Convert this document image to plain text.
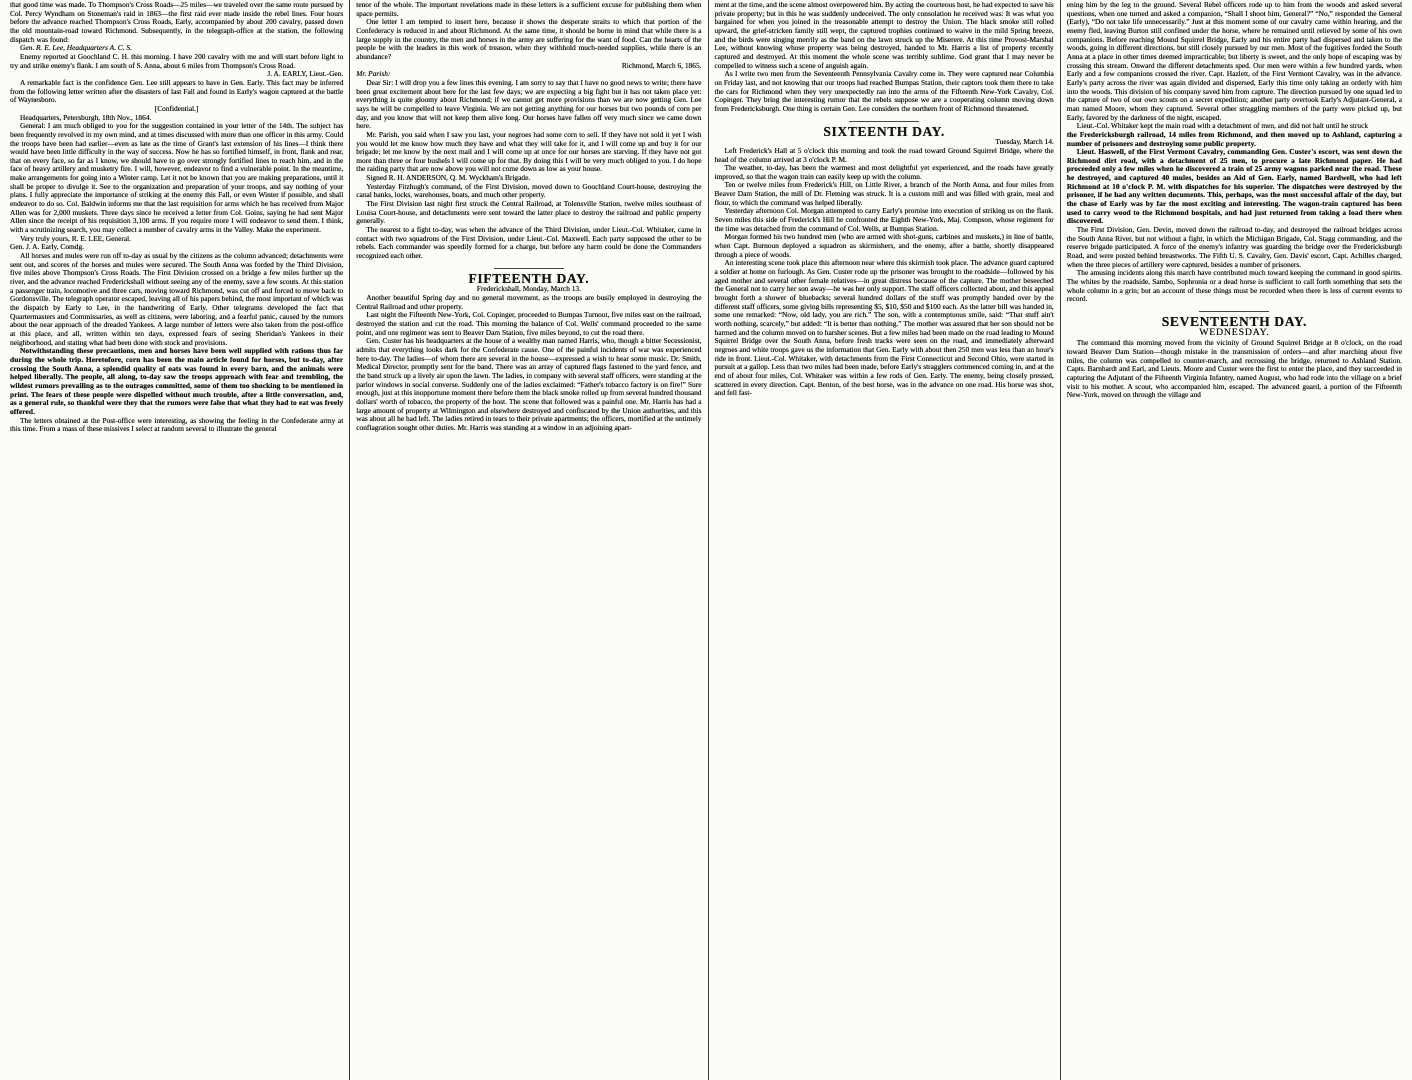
that good time was made. To Thompson's Cross Roads—25 miles—we traveled over the same route pursued by Col. Percy Wyndham on Stoneman's raid in 1863—the first raid ever made inside the rebel lines. Four hours before the advance reached Thompson's Cross Roads, Early, accompanied by about 200 cavalry, passed down the old mountain-road toward Richmond. Subsequently, in the telegraph-office at the station, the following dispatch was found:

Gen. R. E. Lee, Headquarters A. C. S.

Enemy reported at Goochland C. H. this morning. I have 200 cavalry with me and will start before light to try and strike enemy's flank. I am south of S. Anna, about 6 miles from Thompson's Cross Road.

J. A. EARLY, Lieut.-Gen.

A remarkable fact is the confidence Gen. Lee still appears to have in Gen. Early. This fact may be inferred from the following letter written after the disasters of last Fall and found in Early's wagon captured at the battle of Waynesboro.

[Confidential.]

Headquarters, Petersburgh, 18th Nov., 1864.

General: I am much obliged to you for the suggestion contained in your letter of the 14th. The subject has been frequently revolved in my own mind, and at times discussed with more than one officer in this army. Could the troops have been had earlier—even as late as the time of Grant's last extension of his lines—I think there would have been little difficulty in the way of success. Now he has so fortified himself, in front, flank and rear, that on every face, so far as I know, we should have to go over strongly fortified lines to reach him, and in the face of heavy artillery and musketry fire. I will, however, endeavor to find a vulnerable point. In the meantime, make arrangements for going into a Winter camp. Let it not be known that you are making preparations, until it shall be proper to divulge it. See to the organization and preparation of your troops, and say nothing of your plans. I fully appreciate the importance of striking at the enemy this Fall, or even Winter if possible, and shall endeavor to do so. Col. Baldwin informs me that the last requisition for arms which he has received from Major Allen was for 2,000 muskets. Three days since he received a letter from Col. Goins, saying he had sent Major Allen since the receipt of his requisition 3,100 arms. If you require more I will endeavor to send them. I think, with a scrutinizing search, you may collect a number of cavalry arms in the Valley. Make the experiment.

Very truly yours, R. E. LEE, General.

Gen. J. A. Early, Comdg.

All horses and mules were run off to-day as usual by the citizens as the column advanced; detachments were sent out, and scores of the horses and mules were secured. The South Anna was forded by the Third Division, five miles above Thompson's Cross Roads. The First Division crossed on a bridge a few miles further up the river, and the advance reached Frederickshall without seeing any of the enemy, save a few scouts. At this station a passenger train, locomotive and three cars, moving toward Richmond, was cut off and forced to move back to Gordonsville. The telegraph operator escaped, leaving all of his papers behind, the most important of which was the dispatch by Early to Lee, in the handwriting of Early. Other telegrams developed the fact that Quartermasters and Commissaries, as well as citizens, were laboring, and a fearful panic, caused by the rumors about the near approach of the dreaded Yankees. A large number of letters were also taken from the post-office at this place, and all, written within ten days, expressed fears of seeing Sheridan's Yankees in their neighborhood, and stating what had been done with stock and provisions.

Notwithstanding these precautions, men and horses have been well supplied with rations thus far during the whole trip. Heretofore, corn has been the main article found for horses, but to-day, after crossing the South Anna, a splendid quality of oats was found in every barn, and the animals were helped liberally. The people, all along, to-day saw the troops approach with fear and trembling, the wildest rumors prevailing as to the outrages committed, some of them too shocking to be mentioned in print. The fears of these people were dispelled without much trouble, after a little conversation, and, as a general rule, so thankful were they that the rumors were false that what they had to eat was freely offered.

The letters obtained at the Post-office were interesting, as showing the feeling in the Confederate army at this time. From a mass of these missives I select at random several to illustrate the general

tenor of the whole. The important revelations made in these letters is a sufficient excuse for publishing them when space permits.

One letter I am tempted to insert here, because it shows the desperate straits to which that portion of the Confederacy is reduced in and about Richmond. At the same time, it should be borne in mind that while there is a large supply in the country, the men and horses in the army are suffering for the want of food. Can the hearts of the people be with the leaders in this work of treason, when they withhold much-needed supplies, while there is an abundance?

Richmond, March 6, 1865.

Mr. Parish:

Dear Sir: I will drop you a few lines this evening. I am sorry to say that I have no good news to write; there have been great excitement about here for the last few days; we are expecting a big fight but it has not taken place yet: everything is quite gloomy about Richmond; if we cannot get more provisions than we are now getting Gen. Lee says he will be compelled to leave Virginia. We are not getting anything for our horses but two pounds of corn per day, and you know that will not keep them alive long. Our horses have fallen off very much since we came down here.

Mr. Parish, you said when I saw you last, your negroes had some corn to sell. If they have not sold it yet I wish you would let me know how much they have and what they will take for it, and I will come up and buy it for our brigade; let me know by the next mail and I will come up at once for our horses are starving. If they have not got more than three or four bushels I will come up for that. By doing this I will be very much obliged to you. I do hope the raiding party that are now above you will not come down as low as your house.

Signed R. H. ANDERSON, Q. M. Wyckham's Brigade.

Yesterday Fitzhugh's command, of the First Division, moved down to Goochland Court-house, destroying the canal banks, locks, warehouses, boats, and much other property.

The First Division last night first struck the Central Railroad, at Tolensville Station, twelve miles southeast of Louisa Court-house, and detachments were sent toward the latter place to destroy the railroad and public property generally.

The nearest to a fight to-day, was when the advance of the Third Division, under Lieut.-Col. Whitaker, came in contact with two squadrons of the First Division, under Lieut.-Col. Maxwell. Each party supposed the other to be rebels. Each commander was speedily formed for a charge, but before any harm could be done the Commanders recognized each other.

FIFTEENTH DAY.

Frederickshall, Monday, March 13.

Another beautiful Spring day and no general movement, as the troops are busily employed in destroying the Central Railroad and other property.

Last night the Fifteenth New-York, Col. Copinger, proceeded to Bumpas Turnout, five miles east on the railroad, destroyed the station and cut the road. This morning the balance of Col. Wells' command proceeded to the same point, and one regiment was sent to Beaver Dam Station, five miles beyond, to cut the road there.

Gen. Custer has his headquarters at the house of a wealthy man named Harris, who, though a bitter Secessionist, admits that everything looks dark for the Confederate cause. One of the painful incidents of war was experienced here to-day. The ladies—of whom there are several in the house—expressed a wish to hear some music. Dr. Smith, Medical Director, promptly sent for the band. There was an array of captured flags fastened to the yard fence, and the band struck up a lively air upon the lawn. The ladies, in company with several staff officers, were standing at the parlor windows in social converse. Suddenly one of the ladies exclaimed: “Father's tobacco factory is on fire!” Sure enough, just at this inopportune moment there before them the black smoke rolled up from several hundred thousand dollars' worth of tobacco, the property of the host. The scene that followed was a painful one. Mr. Harris has had a large amount of property at Wilmington and elsewhere destroyed and confiscated by the Union authorities, and this was about all he had left. The ladies retired in tears to their private apartments; the officers, mortified at the untimely conflagration sought other duties. Mr. Harris was standing at a window in an adjoining apart-

ment at the time, and the scene almost overpowered him. By acting the courteous host, he had expected to save his private property; but in this he was suddenly undeceived. The only consolation he received was: It was what you bargained for when you joined in the treasonable attempt to destroy the Union. The black smoke still rolled upward, the grief-stricken family still wept, the captured trophies continued to waive in the mild Spring breeze, and the birds were singing merrily as the band on the lawn struck up the Miserere. At this time Provost-Marshal Lee, without knowing whose property was being destroyed, handed to Mr. Harris a list of property recently captured and destroyed. At this moment the whole scene was terribly sublime. God grant that I may never be compelled to witness such a scene of anguish again.

As I write two men from the Seventeenth Pennsylvania Cavalry come in. They were captured near Columbia on Friday last, and not knowing that our troops had reached Bumpas Station, their captors took them there to take the cars for Richmond when they very unexpectedly ran into the arms of the Fifteenth New-York Cavalry, Col. Copinger. They bring the interesting rumor that the rebels suppose we are a cooperating column moving down from Fredericksburgh. One thing is certain Gen. Lee considers the northern front of Richmond threatened.

SIXTEENTH DAY.

Tuesday, March 14.

Left Frederick's Hall at 5 o'clock this morning and took the road toward Ground Squirrel Bridge, where the head of the column arrived at 3 o'clock P. M.

The weather, to-day, has been the warmest and most delightful yet experienced, and the roads have greatly improved, so that the wagon train can easily keep up with the column.

Ten or twelve miles from Frederick's Hill, on Little River, a branch of the North Anna, and four miles from Beaver Dam Station, the mill of Dr. Fleming was struck. It is a custom mill and was filled with grain, meal and flour, to which the command was helped liberally.

Yesterday afternoon Col. Morgan attempted to carry Early's promise into execution of striking us on the flank. Seven miles this side of Frederick's Hill he confronted the Eighth New-York, Maj. Compson, whose regiment for the time was detached from the command of Col. Wells, at Bumpas Station.

Morgan formed his two hundred men (who are armed with shot-guns, carbines and muskets,) in line of battle, when Capt. Burnoun deployed a squadron as skirmishers, and the enemy, after a battle, shortly disappeared through a piece of woods.

An interesting scene took place this afternoon near where this skirmish took place. The advance guard captured a soldier at home on furlough. As Gen. Custer rode up the prisoner was brought to the roadside—followed by his aged mother and several other female relatives—in great distress because of the capture. The mother beseeched the General not to carry her son away—he was her only support. The staff officers collected about, and this appeal brought forth a shower of bluebacks; several hundred dollars of the stuff was promptly handed over by the different staff officers, some giving bills representing $5, $10, $50 and $100 each. As the latter bill was handed in, some one remarked: “Now, old lady, you are rich.” The son, with a contemptuous smile, said: “That stuff ain't worth nothing, scarcely,” but added: “It is better than nothing.” The mother was assured that her son should not be harmed and the column moved on to harsher scenes. But a few miles had been made on the road leading to Mound Squirrel Bridge over the South Anna, before fresh tracks were seen on the road, and immediately afterward negroes and white troops gave us the information that Gen. Early with about then 250 men was less than an hour's ride in front. Lieut.-Col. Whitaker, with detachments from the First Connecticut and Second Ohio, were started in pursuit at a gallop. Less than two miles had been made, before Early's stragglers commenced coming in, and at the end of about four miles, Col. Whitaker was within a few rods of Gen. Early. The enemy, being closely pressed, scattered in every direction. Capt. Benton, of the best horse, was in the advance on one road. His horse was shot, and fell fast-

ening him by the leg to the ground. Several Rebel officers rode up to him from the woods and asked several questions, when one turned and asked a companion, “Shall I shoot him, General?” “No,” responded the General (Early), “Do not take life unnecessarily.” Just at this moment some of our cavalry came within hearing, and the enemy fled, leaving Burton still confined under the horse, where he remained until relieved by some of his own companions. Before reaching Mound Squirrel Bridge, Early and his entire party had dispersed and taken to the woods, going in different directions, but still closely pursued by our men. Most of the fugitives forded the South Anna at a place in other times deemed impracticable; but liberty is sweet, and the only hope of escaping was by crossing this stream. Onward the different detachments sped. Our men were within a few hundred yards, when Early and a few companions crossed the river. Capt. Hazlett, of the First Vermont Cavalry, was in the advance. Early's party across the river was again divided and dispersed, Early this time only taking an orderly with him into the woods. This division of his company saved him from capture. The direction pursued by one squad led to the capture of two of our own scouts on a secret expedition; another party overtook Early's Adjutant-General, a man named Moore, whom they captured. Several other straggling members of the party were picked up, but Early, favored by the darkness of the night, escaped.

Lieut.-Col. Whitaker kept the main road with a detachment of men, and did not halt until he struck

the Fredericksburgh railroad, 14 miles from Richmond, and then moved up to Ashland, capturing a number of prisoners and destroying some public property.

Lieut. Haswell, of the First Vermont Cavalry, commanding Gen. Custer's escort, was sent down the Richmond dirt road, with a detachment of 25 men, to procure a late Richmond paper. He had proceeded only a few miles when he discovered a train of 25 army wagons parked near the road. These he destroyed, and captured 40 mules, besides an Aid of Gen. Early, named Bardwell, who had left Richmond at 10 o'clock P. M. with dispatches for his superior. The dispatches were destroyed by the prisoner, if he had any written documents. This, perhaps, was the most successful affair of the day, but the chase of Early was by far the most exciting and interesting. The wagon-train captured has been used to carry wood to the Richmond hospitals, and had just returned from taking a load there when discovered.

The First Division, Gen. Devin, moved down the railroad to-day, and destroyed the railroad bridges across the South Anna River, but not without a fight, in which the Michigan Brigade, Col. Stagg commanding, and the reserve brigade participated. A force of the enemy's infantry was guarding the bridge over the Fredericksburgh Road, and were posted behind breastworks. The Fifth U. S. Cavalry, Gen. Davis' escort, Capt. Achilles charged, when the three pieces of artillery were captured, besides a number of prisoners.

The amusing incidents along this march have contributed much toward keeping the command in good spirits. The whites by the roadside, Sambo, Sophronia or a dead horse is sufficient to call forth something that sets the whole column in a grin; but an account of these things must be recorded when there is less of current events to record.

SEVENTEENTH DAY.
WEDNESDAY.

The command this morning moved from the vicinity of Ground Squirrel Bridge at 8 o'clock, on the road toward Beaver Dam Station—though mistake in the transmission of orders—and after marching about five miles, the column was compelled to counter-march, and recrossing the bridge, returned to Ashland Station. Capts. Barnhardt and Earl, and Lieuts. Moore and Custer were the first to enter the place, and they succeeded in capturing the Adjutant of the Fifteenth Virginia Infantry, named August, who had rode into the village on a brief visit to his mother. A scout, who accompanied him, escaped. The advanced guard, a portion of the Fifteenth New-York, moved on through the village and
